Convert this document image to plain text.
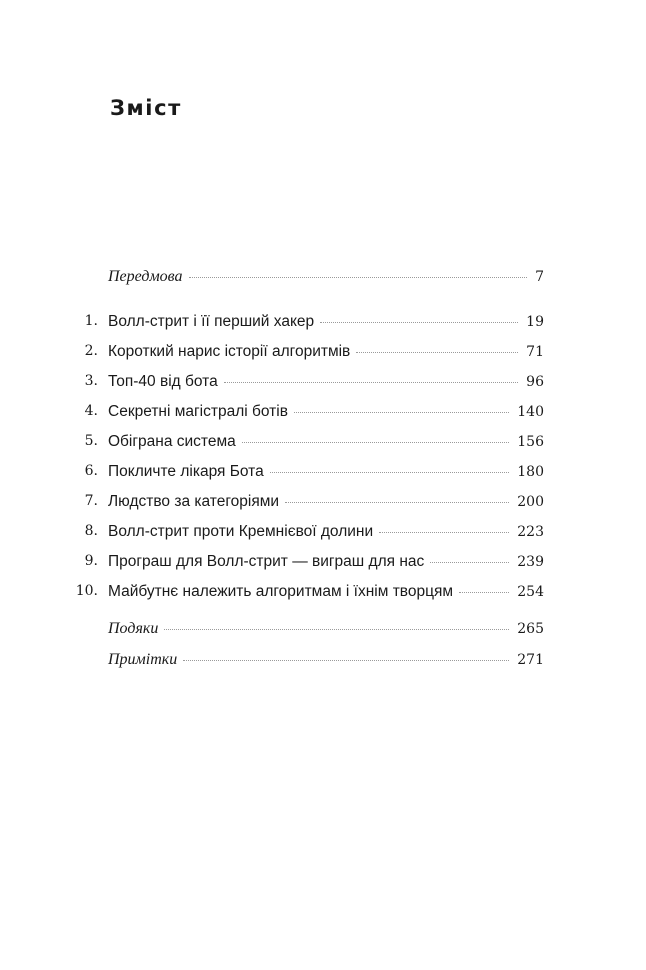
Зміст
Передмова	7
1. Волл-стрит і її перший хакер	19
2. Короткий нарис історії алгоритмів	71
3. Топ-40 від бота	96
4. Секретні магістралі ботів	140
5. Обіграна система	156
6. Покличте лікаря Бота	180
7. Людство за категоріями	200
8. Волл-стрит проти Кремнієвої долини	223
9. Програш для Волл-стрит — виграш для нас	239
10. Майбутнє належить алгоритмам і їхнім творцям	254
Подяки	265
Примітки	271
